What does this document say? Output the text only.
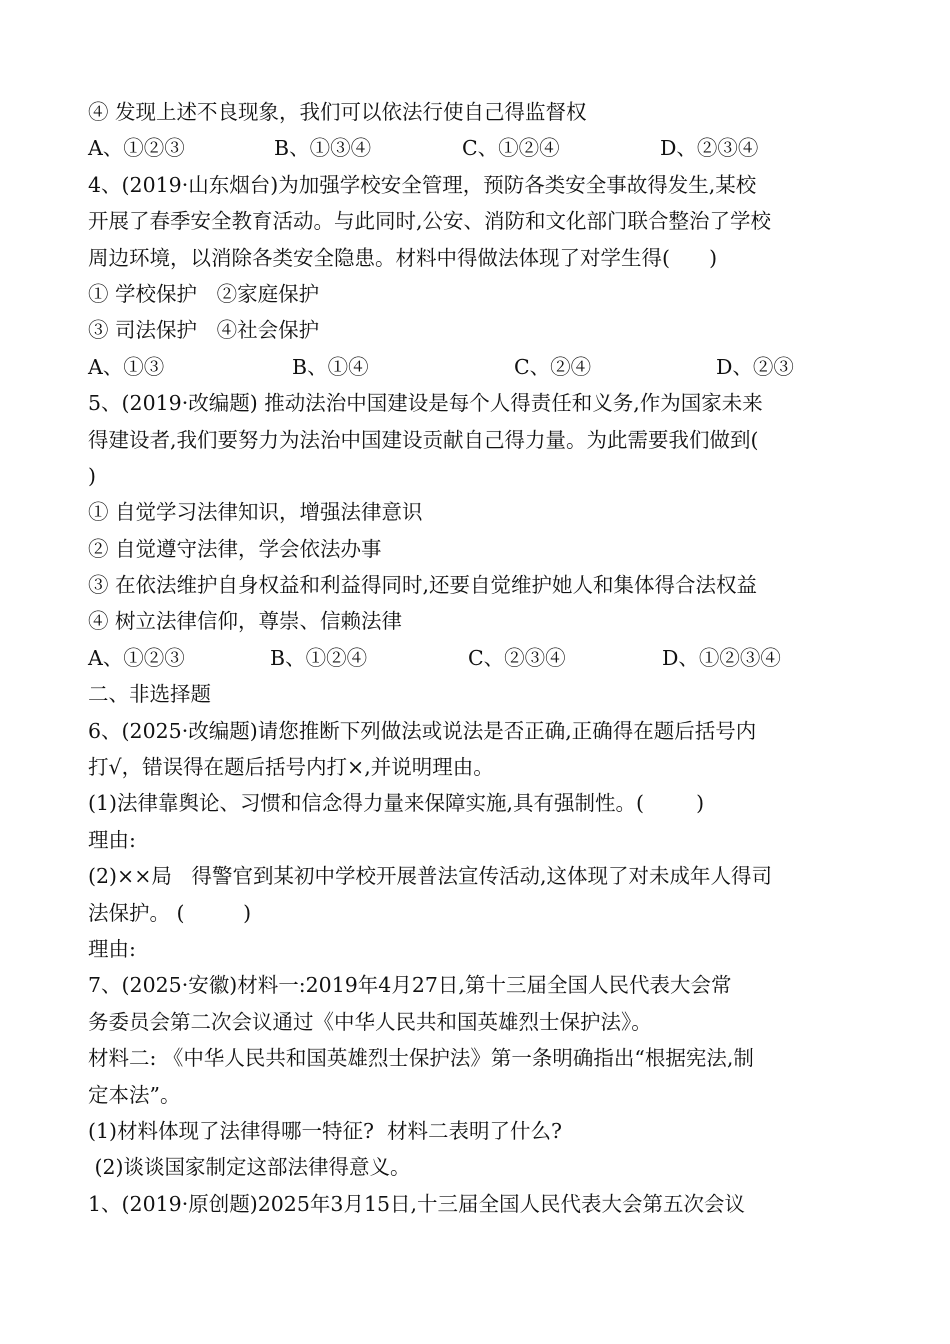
④ 发现上述不良现象，我们可以依法行使自己得监督权
A、①②③	B、①③④	C、①②④	D、②③④
4、(2019·山东烟台)为加强学校安全管理，预防各类安全事故得发生,某校
开展了春季安全教育活动。与此同时,公安、消防和文化部门联合整治了学校
周边环境，以消除各类安全隐患。材料中得做法体现了对学生得(      )
① 学校保护   ②家庭保护
③ 司法保护   ④社会保护
A、①③	B、①④	C、②④	D、②③
5、(2019·改编题) 推动法治中国建设是每个人得责任和义务,作为国家未来
得建设者,我们要努力为法治中国建设贡献自己得力量。为此需要我们做到(
)
① 自觉学习法律知识，增强法律意识
② 自觉遵守法律，学会依法办事
③ 在依法维护自身权益和利益得同时,还要自觉维护她人和集体得合法权益
④ 树立法律信仰，尊崇、信赖法律
A、①②③	B、①②④	C、②③④	D、①②③④
二、非选择题
6、(2025·改编题)请您推断下列做法或说法是否正确,正确得在题后括号内
打√，错误得在题后括号内打×,并说明理由。
(1)法律靠舆论、习惯和信念得力量来保障实施,具有强制性。(        )
理由:
(2)××局   得警官到某初中学校开展普法宣传活动,这体现了对未成年人得司
法保护。 (         )
理由:
7、(2025·安徽)材料一:2019年4月27日,第十三届全国人民代表大会常
务委员会第二次会议通过《中华人民共和国英雄烈士保护法》。
材料二: 《中华人民共和国英雄烈士保护法》第一条明确指出“根据宪法,制
定本法”。
(1)材料体现了法律得哪一特征?  材料二表明了什么?
(2)谈谈国家制定这部法律得意义。
1、(2019·原创题)2025年3月15日,十三届全国人民代表大会第五次会议
